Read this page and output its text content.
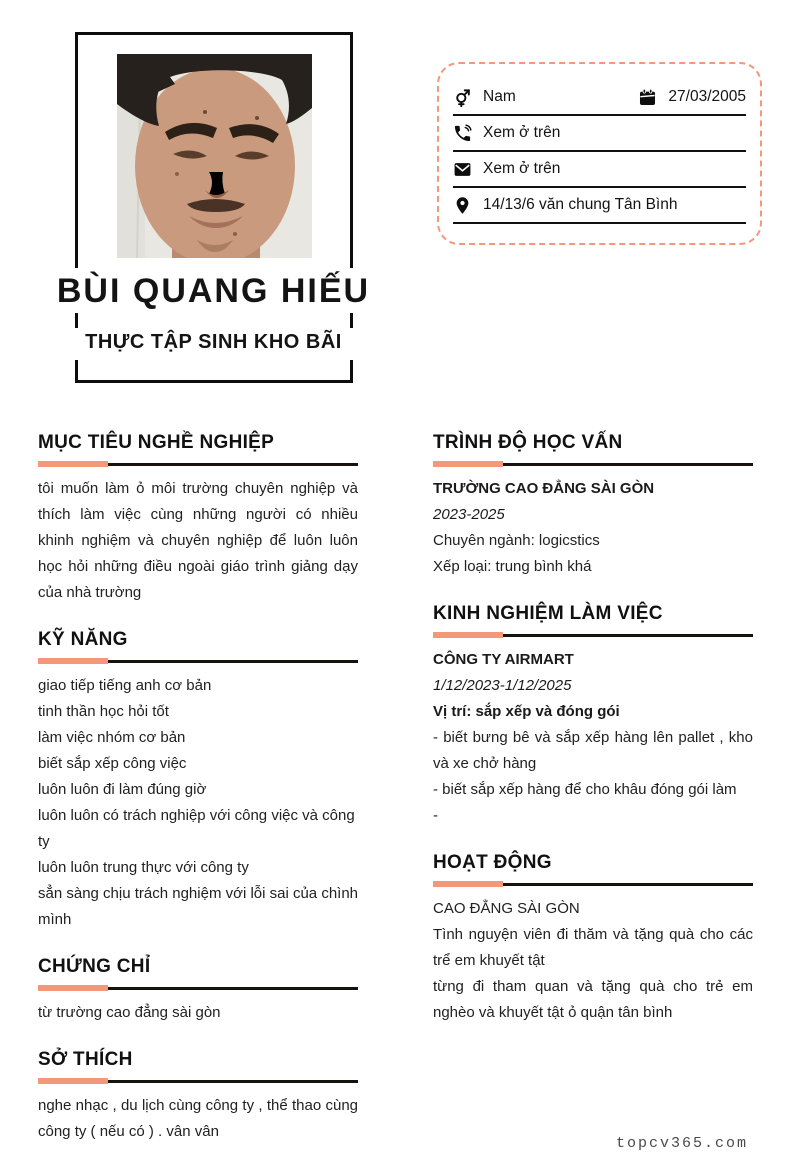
BÙI QUANG HIẾU
THỰC TẬP SINH KHO BÃI
Nam	27/03/2005
Xem ở trên
Xem ở trên
14/13/6 văn chung Tân Bình
MỤC TIÊU NGHỀ NGHIỆP
tôi muốn làm ỏ môi trường chuyên nghiệp và thích làm việc cùng những người có nhiều khinh nghiệm và chuyên nghiệp để luôn luôn học hỏi những điều ngoài giáo trình giảng dạy của nhà trường
KỸ NĂNG
giao tiếp tiếng anh cơ bản
tinh thần học hỏi tốt
làm việc nhóm cơ bản
biết sắp xếp công việc
luôn luôn đi làm đúng giờ
luôn luôn có trách nghiệp với công việc và công ty
luôn luôn trung thực với công ty
sẳn sàng chịu trách nghiệm với lỗi sai của chình mình
CHỨNG CHỈ
từ trường cao đẳng sài gòn
SỞ THÍCH
nghe nhạc , du lịch cùng công ty , thể thao cùng công ty ( nếu có ) . vân vân
TRÌNH ĐỘ HỌC VẤN
TRƯỜNG CAO ĐẲNG SÀI GÒN
2023-2025
Chuyên ngành: logicstics
Xếp loại: trung bình khá
KINH NGHIỆM LÀM VIỆC
CÔNG TY AIRMART
1/12/2023-1/12/2025
Vị trí: sắp xếp và đóng gói
- biết bưng bê và sắp xếp hàng lên pallet , kho và xe chở hàng
- biết sắp xếp hàng để cho khâu đóng gói làm
-
HOẠT ĐỘNG
CAO ĐẲNG SÀI GÒN
Tình nguyện viên đi thăm và tặng quà cho các trể em khuyết tật
từng đi tham quan và tặng quà cho trẻ em nghèo và khuyết tật ỏ quận tân bình
topcv365.com
